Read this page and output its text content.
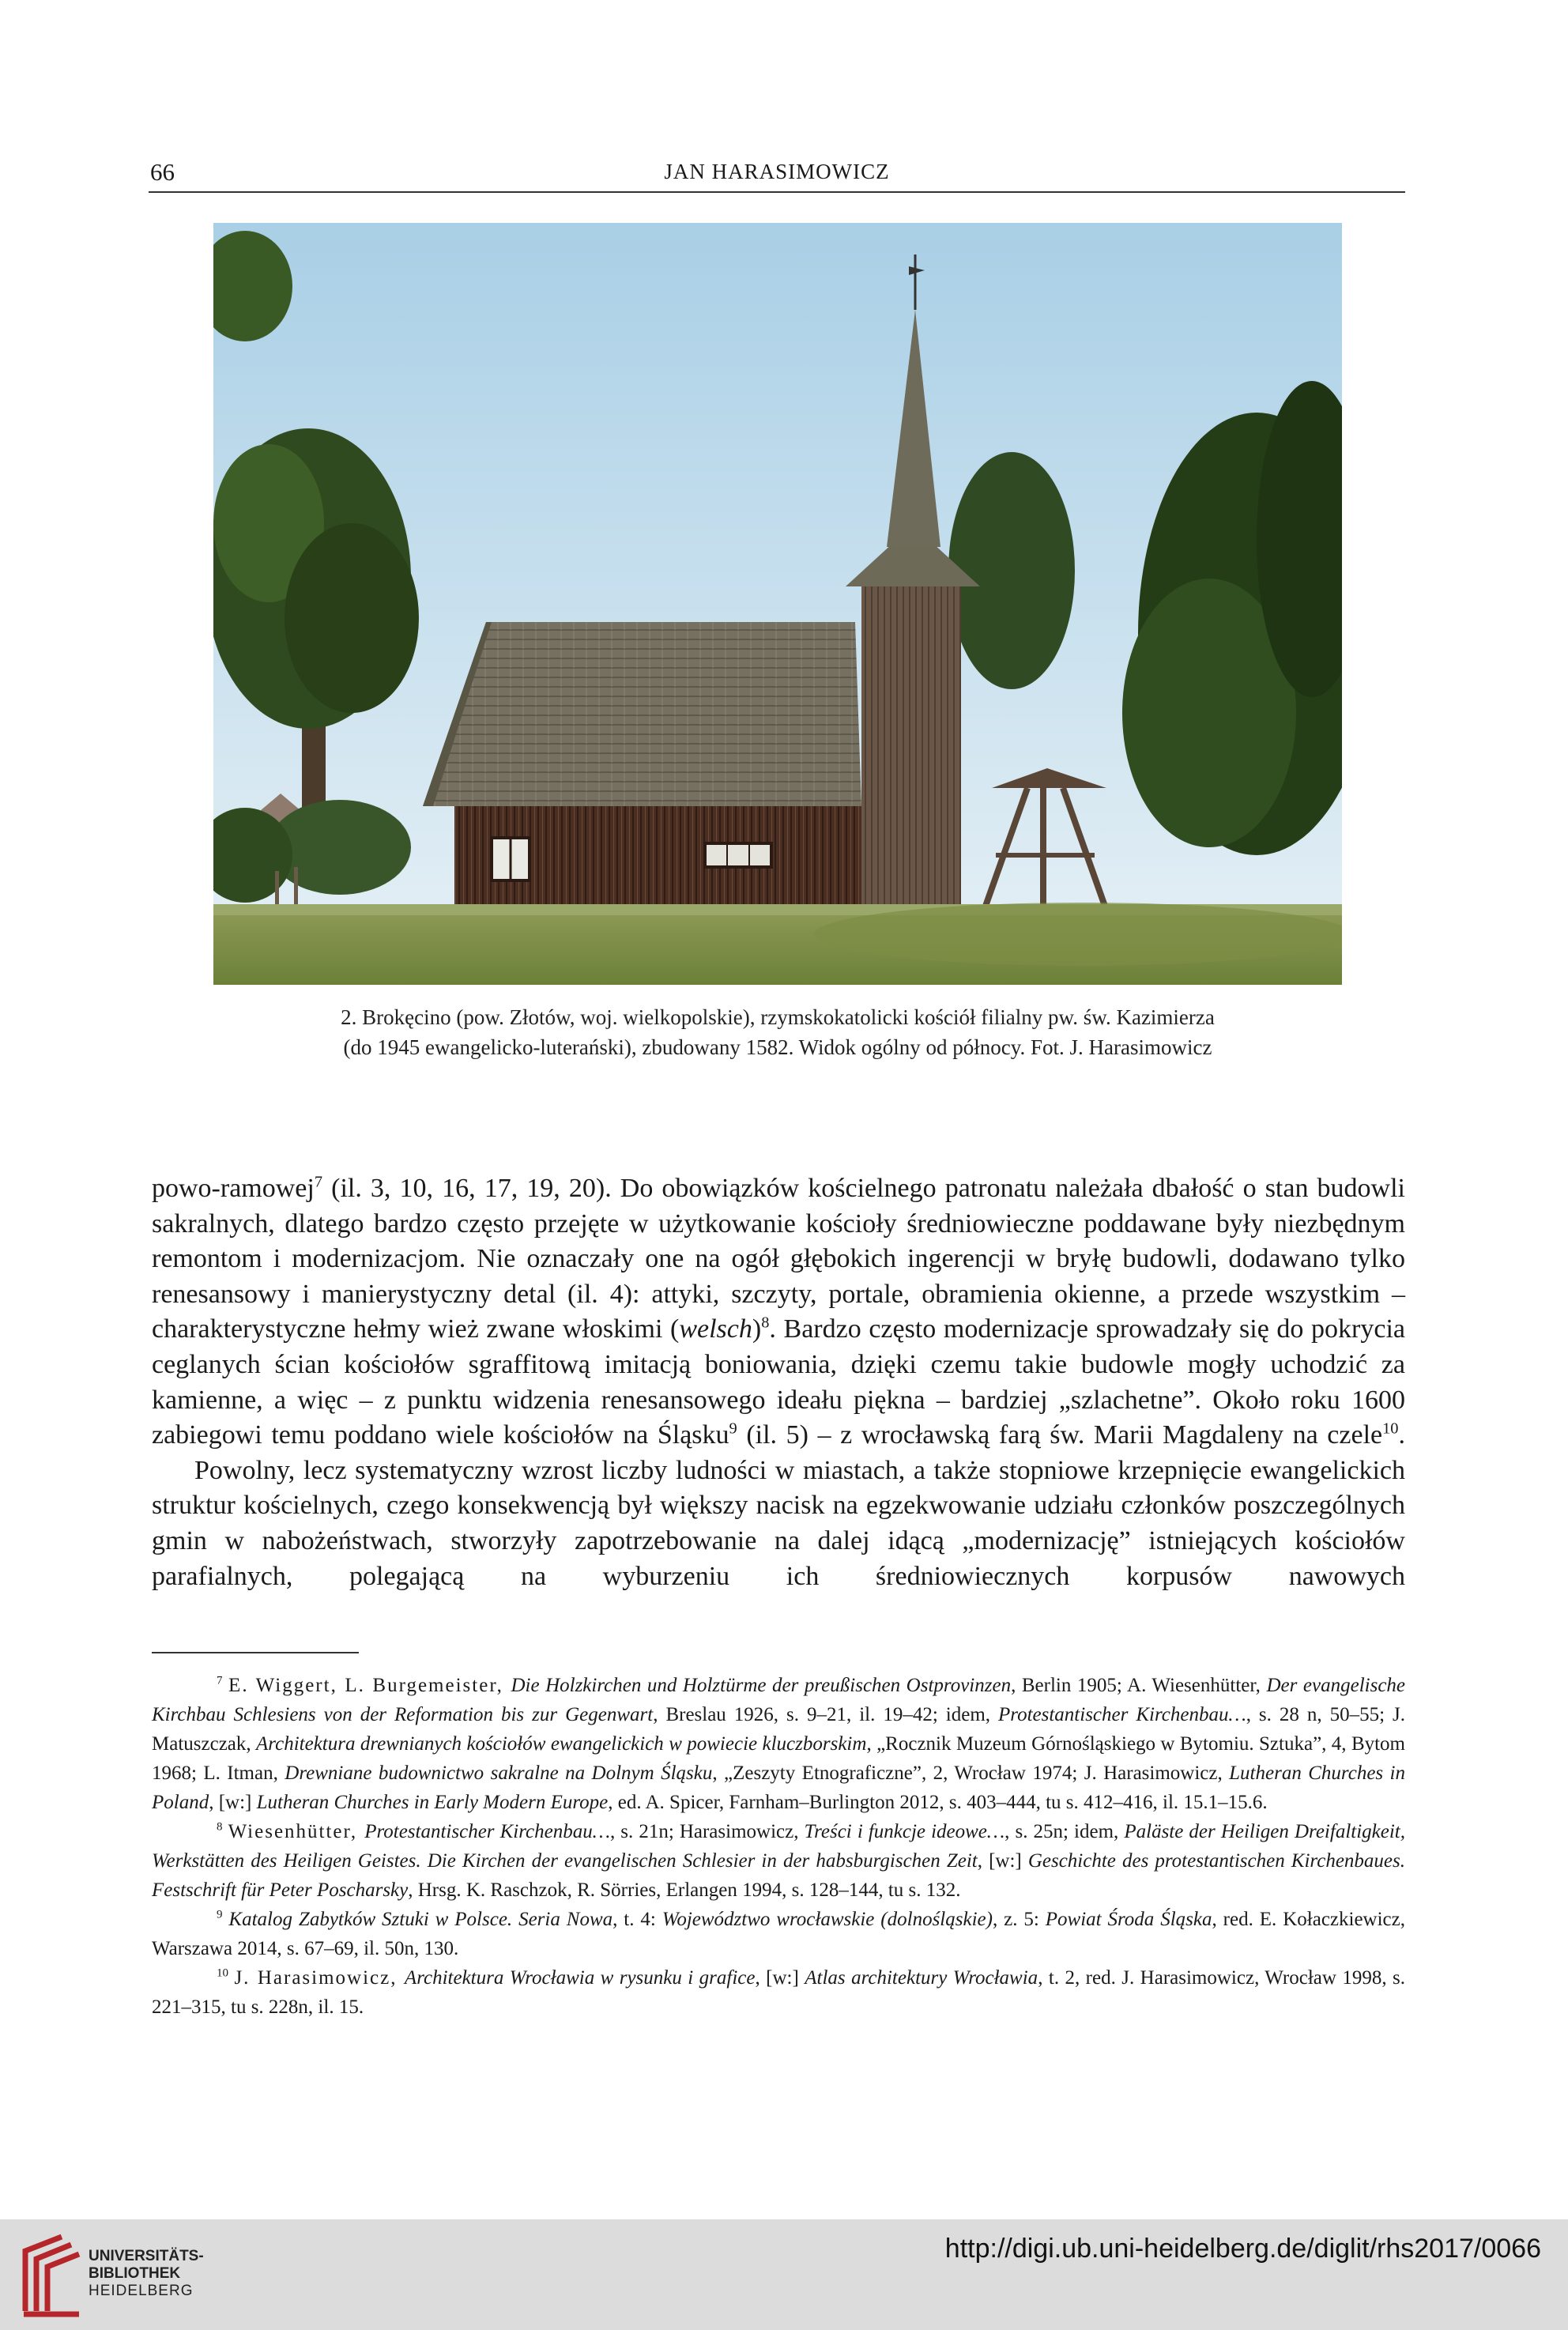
66	JAN HARASIMOWICZ

2. Brokęcino (pow. Złotów, woj. wielkopolskie), rzymskokatolicki kościół filialny pw. św. Kazimierza

(do 1945 ewangelicko-luterański), zbudowany 1582. Widok ogólny od północy. Fot. J. Harasimowicz

powo-ramowej$^7$ (il. 3, 10, 16, 17, 19, 20). Do obowiązków kościelnego patronatu należała dbałość o stan budowli sakralnych, dlatego bardzo często przejęte w użytkowanie kościoły średniowieczne poddawane były niezbędnym remontom i modernizacjom. Nie oznaczały one na ogół głębokich ingerencji w bryłę budowli, dodawano tylko renesansowy i manierystyczny detal (il. 4): attyki, szczyty, portale, obramienia okienne, a przede wszystkim – charakterystyczne hełmy wież zwane włoskimi (welsch)$^8$. Bardzo często modernizacje sprowadzały się do pokrycia ceglanych ścian kościołów sgraffitową imitacją boniowania, dzięki czemu takie budowle mogły uchodzić za kamienne, a więc – z punktu widzenia renesansowego ideału piękna – bardziej „szlachetne”. Około roku 1600 zabiegowi temu poddano wiele kościołów na Śląsku$^9$ (il. 5) – z wrocławską farą św. Marii Magdaleny na czele$^{10}$.

Powolny, lecz systematyczny wzrost liczby ludności w miastach, a także stopniowe krzepnięcie ewangelickich struktur kościelnych, czego konsekwencją był większy nacisk na egzekwowanie udziału członków poszczególnych gmin w nabożeństwach, stworzyły zapotrzebowanie na dalej idącą „modernizację” istniejących kościołów parafialnych, polegającą na wyburzeniu ich średniowiecznych korpusów nawowych

$^7$ E. Wiggert, L. Burgemeister, Die Holzkirchen und Holztürme der preußischen Ostprovinzen, Berlin 1905; A. Wiesenhütter, Der evangelische Kirchbau Schlesiens von der Reformation bis zur Gegenwart, Breslau 1926, s. 9–21, il. 19–42; idem, Protestantischer Kirchenbau…, s. 28 n, 50–55; J. Matuszczak, Architektura drewnianych kościołów ewangelickich w powiecie kluczborskim, „Rocznik Muzeum Górnośląskiego w Bytomiu. Sztuka”, 4, Bytom 1968; L. Itman, Drewniane budownictwo sakralne na Dolnym Śląsku, „Zeszyty Etnograficzne”, 2, Wrocław 1974; J. Harasimowicz, Lutheran Churches in Poland, [w:] Lutheran Churches in Early Modern Europe, ed. A. Spicer, Farnham–Burlington 2012, s. 403–444, tu s. 412–416, il. 15.1–15.6.

$^8$ Wiesenhütter, Protestantischer Kirchenbau…, s. 21n; Harasimowicz, Treści i funkcje ideowe…, s. 25n; idem, Paläste der Heiligen Dreifaltigkeit, Werkstätten des Heiligen Geistes. Die Kirchen der evangelischen Schlesier in der habsburgischen Zeit, [w:] Geschichte des protestantischen Kirchenbaues. Festschrift für Peter Poscharsky, Hrsg. K. Raschzok, R. Sörries, Erlangen 1994, s. 128–144, tu s. 132.

$^9$ Katalog Zabytków Sztuki w Polsce. Seria Nowa, t. 4: Województwo wrocławskie (dolnośląskie), z. 5: Powiat Środa Śląska, red. E. Kołaczkiewicz, Warszawa 2014, s. 67–69, il. 50n, 130.

$^{10}$ J. Harasimowicz, Architektura Wrocławia w rysunku i grafice, [w:] Atlas architektury Wrocławia, t. 2, red. J. Harasimowicz, Wrocław 1998, s. 221–315, tu s. 228n, il. 15.

UNIVERSITÄTS-
BIBLIOTHEK
HEIDELBERG
http://digi.ub.uni-heidelberg.de/diglit/rhs2017/0066
